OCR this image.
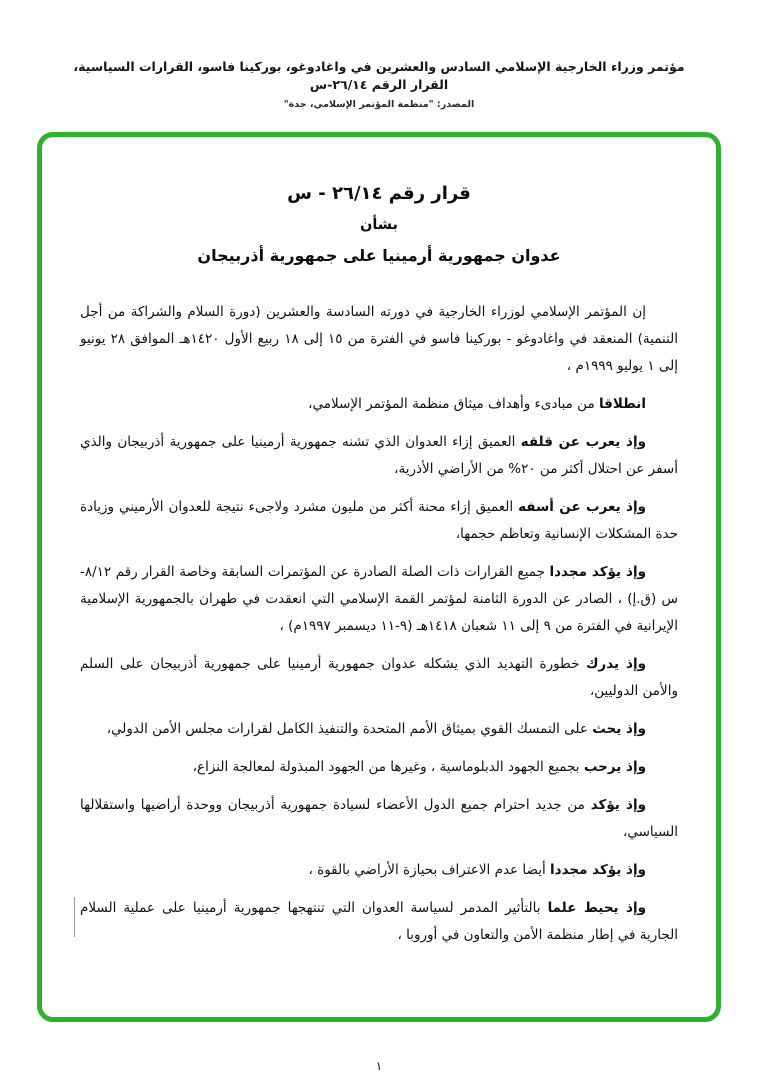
مؤتمر وزراء الخارجية الإسلامي السادس والعشرين في واغادوغو، بوركينا فاسو، القرارات السياسية، القرار الرقم ٢٦/١٤-س
المصدر: "منظمة المؤتمر الإسلامي، جدة"
قرار رقم ٢٦/١٤ - س
بشأن
عدوان جمهورية أرمينيا على جمهورية أذربيجان

إن المؤتمر الإسلامي لوزراء الخارجية في دورته السادسة والعشرين (دورة السلام والشراكة من أجل التنمية) المنعقد في واغادوغو - بوركينا فاسو في الفترة من ١٥ إلى ١٨ ربيع الأول ١٤٢٠هـ الموافق ٢٨ يونيو إلى ١ يوليو ١٩٩٩م ،

انطلاقا من مبادىء وأهداف ميثاق منظمة المؤتمر الإسلامي،

وإذ يعرب عن قلقه العميق إزاء العدوان الذي تشنه جمهورية أرمينيا على جمهورية أذربيجان والذي أسفر عن احتلال أكثر من ٢٠% من الأراضي الأذرية،

وإذ يعرب عن أسفه العميق إزاء محنة أكثر من مليون مشرد ولاجىء نتيجة للعدوان الأرميني وزيادة حدة المشكلات الإنسانية وتعاظم حجمها،

وإذ يؤكد مجددا جميع القرارات ذات الصلة الصادرة عن المؤتمرات السابقة وخاصة القرار رقم ٨/١٢-س (ق.إ) ، الصادر عن الدورة الثامنة لمؤتمر القمة الإسلامي التي انعقدت في طهران بالجمهورية الإسلامية الإيرانية في الفترة من ٩ إلى ١١ شعبان ١٤١٨هـ (٩-١١ ديسمبر ١٩٩٧م) ،

وإذ يدرك خطورة التهديد الذي يشكله عدوان جمهورية أرمينيا على جمهورية أذربيجان على السلم والأمن الدوليين،

وإذ يحث على التمسك القوي بميثاق الأمم المتحدة والتنفيذ الكامل لقرارات مجلس الأمن الدولي،

وإذ يرحب بجميع الجهود الدبلوماسية ، وغيرها من الجهود المبذولة لمعالجة النزاع،

وإذ يؤكد من جديد احترام جميع الدول الأعضاء لسيادة جمهورية أذربيجان ووحدة أراضيها واستقلالها السياسي،

وإذ يؤكد مجددا أيضا عدم الاعتراف بحيازة الأراضي بالقوة ،

وإذ يحيط علما بالتأثير المدمر لسياسة العدوان التي تنتهجها جمهورية أرمينيا على عملية السلام الجارية في إطار منظمة الأمن والتعاون في أوروبا ،

١
